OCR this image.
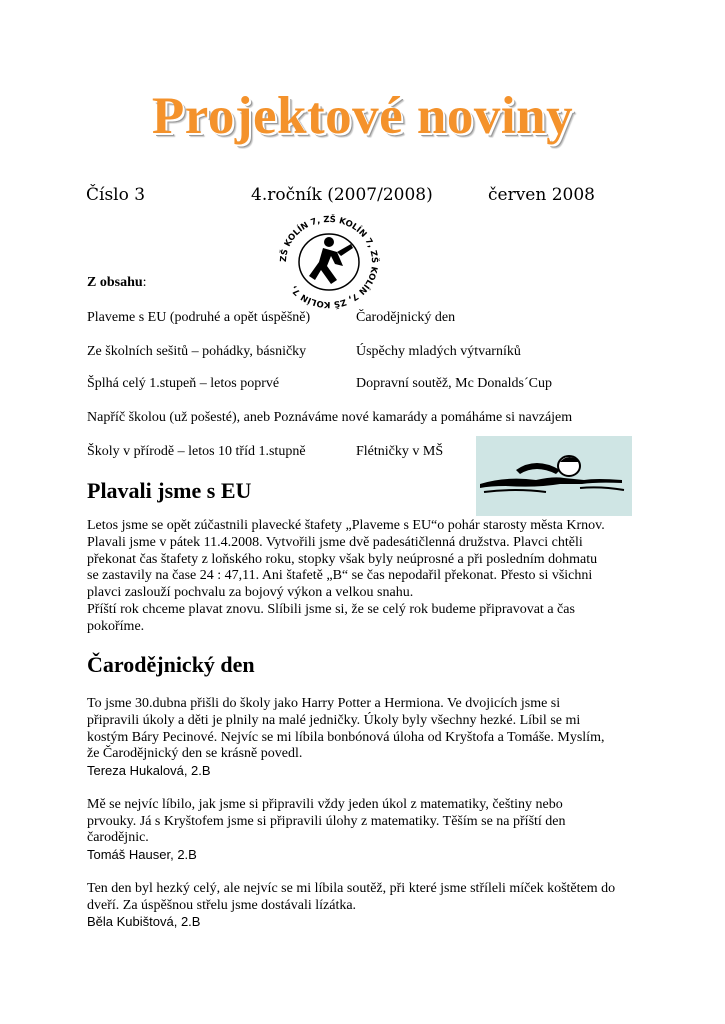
Projektové noviny
Číslo 3	4.ročník (2007/2008)	červen 2008
ZŠ KOLÍN 7, ZŠ KOLÍN 7, ZŠ KOLÍN 7, ZŠ KOLÍN 7,
Z obsahu:
Plaveme s EU (podruhé a opět úspěšně)	Čarodějnický den
Ze školních sešitů – pohádky, básničky	Úspěchy mladých výtvarníků
Šplhá celý 1.stupeň – letos poprvé	Dopravní soutěž, Mc Donalds´Cup
Napříč školou (už pošesté), aneb Poznáváme nové kamarády a pomáháme si navzájem
Školy v přírodě – letos 10 tříd 1.stupně	Flétničky v MŠ
Plavali jsme s EU

Letos jsme se opět zúčastnili plavecké štafety „Plaveme s EU“o pohár starosty města Krnov.

Plavali jsme v pátek 11.4.2008. Vytvořili jsme dvě padesátičlenná družstva. Plavci chtěli

překonat čas štafety z loňského roku, stopky však byly neúprosné a při posledním dohmatu

se zastavily na čase 24 : 47,11. Ani štafetě „B“ se čas nepodařil překonat. Přesto si všichni

plavci zaslouží pochvalu za bojový výkon a velkou snahu.

Příští rok chceme plavat znovu. Slíbili jsme si, že se celý rok budeme připravovat a čas

pokoříme.

Čarodějnický den

To jsme 30.dubna přišli do školy jako Harry Potter a Hermiona. Ve dvojicích jsme si

připravili úkoly a děti je plnily na malé jedničky. Úkoly byly všechny hezké. Líbil se mi

kostým Báry Pecinové. Nejvíc se mi líbila bonbónová úloha od Kryštofa a Tomáše. Myslím,

že Čarodějnický den se krásně povedl.

Tereza Hukalová, 2.B

Mě se nejvíc líbilo, jak jsme si připravili vždy jeden úkol z matematiky, češtiny nebo

prvouky. Já s Kryštofem jsme si připravili úlohy z matematiky. Těším se na příští den

čarodějnic.

Tomáš Hauser, 2.B

Ten den byl hezký celý, ale nejvíc se mi líbila soutěž, při které jsme stříleli míček koštětem do

dveří. Za úspěšnou střelu jsme dostávali lízátka.

Běla Kubištová, 2.B
